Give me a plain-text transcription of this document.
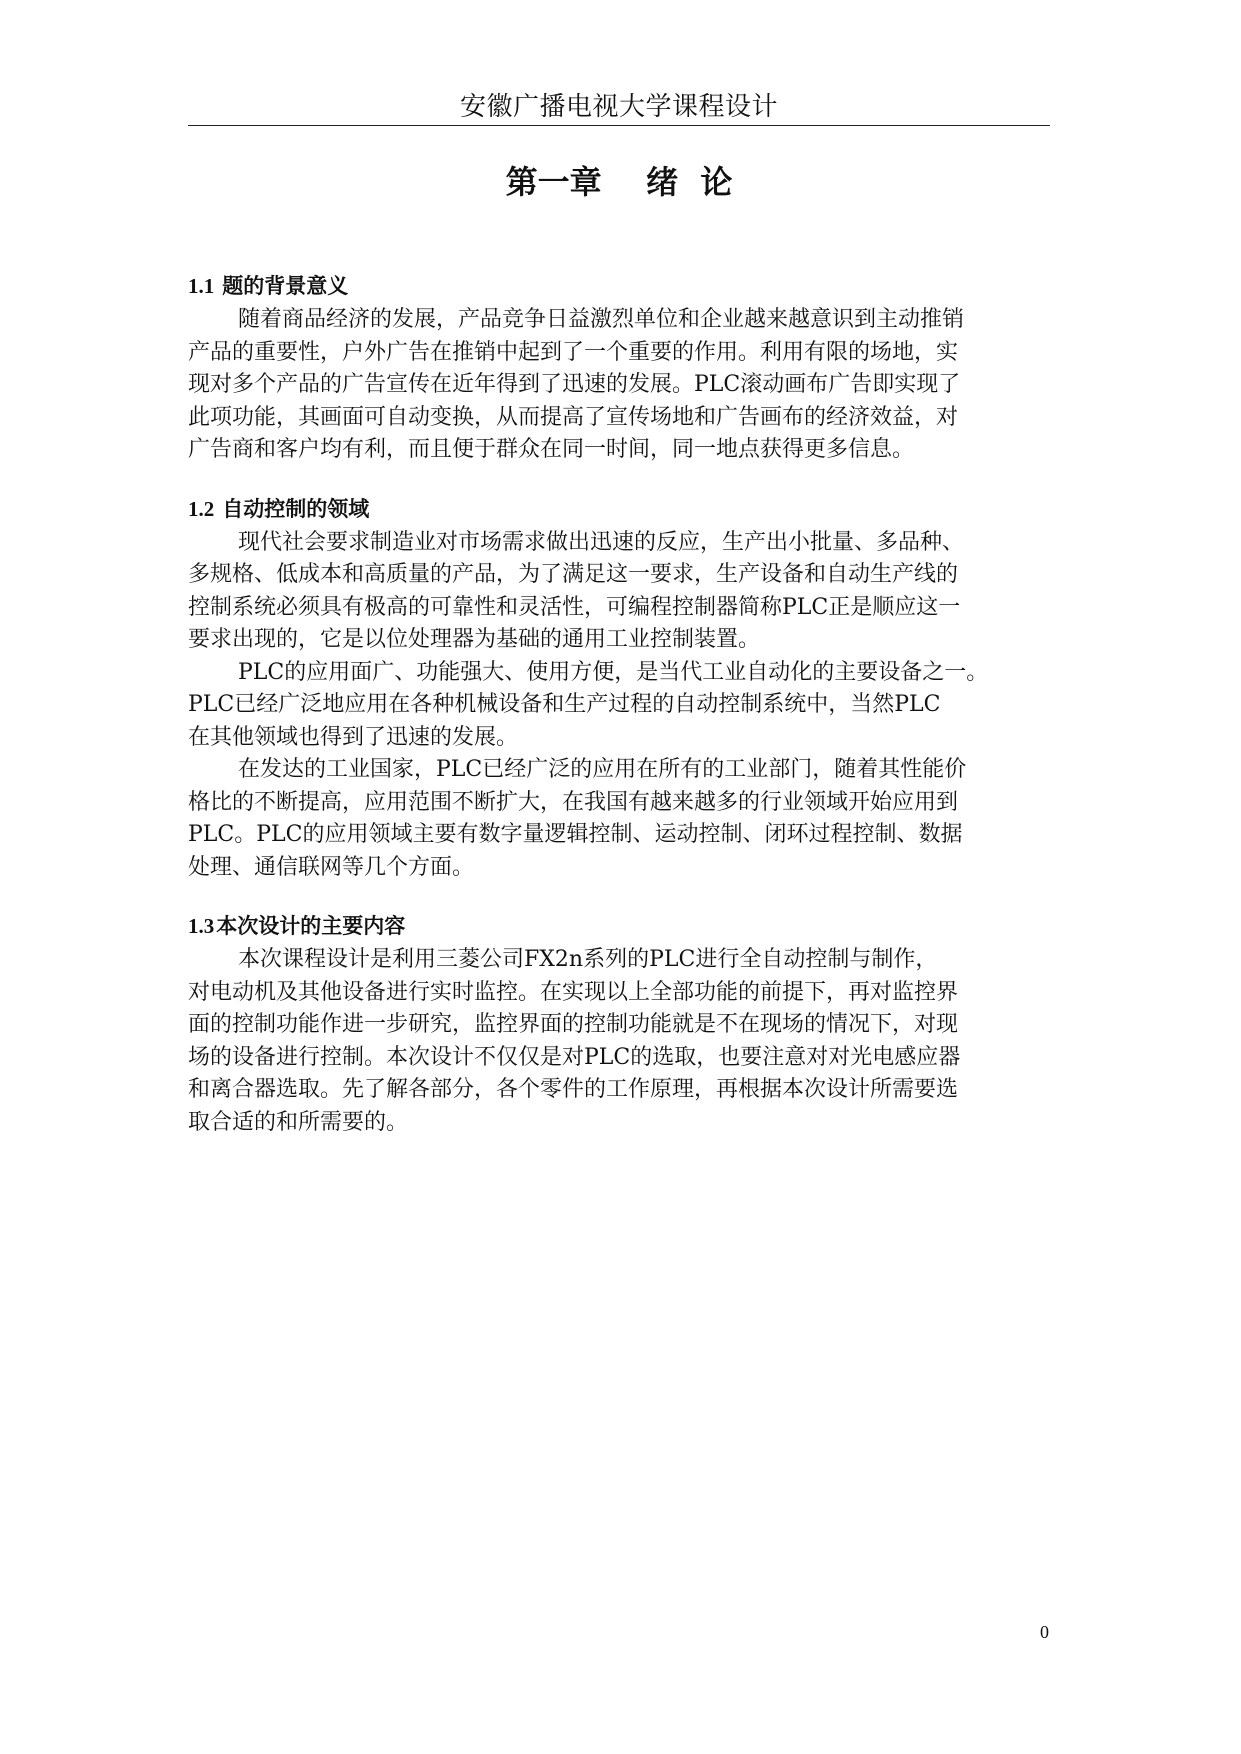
安徽广播电视大学课程设计
第一章    绪  论
1.1 题的背景意义
随着商品经济的发展，产品竞争日益激烈单位和企业越来越意识到主动推销
产品的重要性，户外广告在推销中起到了一个重要的作用。利用有限的场地，实
现对多个产品的广告宣传在近年得到了迅速的发展。PLC滚动画布广告即实现了
此项功能，其画面可自动变换，从而提高了宣传场地和广告画布的经济效益，对
广告商和客户均有利，而且便于群众在同一时间，同一地点获得更多信息。
1.2 自动控制的领域
现代社会要求制造业对市场需求做出迅速的反应，生产出小批量、多品种、
多规格、低成本和高质量的产品，为了满足这一要求，生产设备和自动生产线的
控制系统必须具有极高的可靠性和灵活性，可编程控制器简称PLC正是顺应这一
要求出现的，它是以位处理器为基础的通用工业控制装置。
PLC的应用面广、功能强大、使用方便，是当代工业自动化的主要设备之一。
PLC已经广泛地应用在各种机械设备和生产过程的自动控制系统中，当然PLC
在其他领域也得到了迅速的发展。
在发达的工业国家，PLC已经广泛的应用在所有的工业部门，随着其性能价
格比的不断提高，应用范围不断扩大，在我国有越来越多的行业领域开始应用到
PLC。PLC的应用领域主要有数字量逻辑控制、运动控制、闭环过程控制、数据
处理、通信联网等几个方面。
1.3本次设计的主要内容
本次课程设计是利用三菱公司FX2n系列的PLC进行全自动控制与制作，
对电动机及其他设备进行实时监控。在实现以上全部功能的前提下，再对监控界
面的控制功能作进一步研究，监控界面的控制功能就是不在现场的情况下，对现
场的设备进行控制。本次设计不仅仅是对PLC的选取，也要注意对对光电感应器
和离合器选取。先了解各部分，各个零件的工作原理，再根据本次设计所需要选
取合适的和所需要的。
0
